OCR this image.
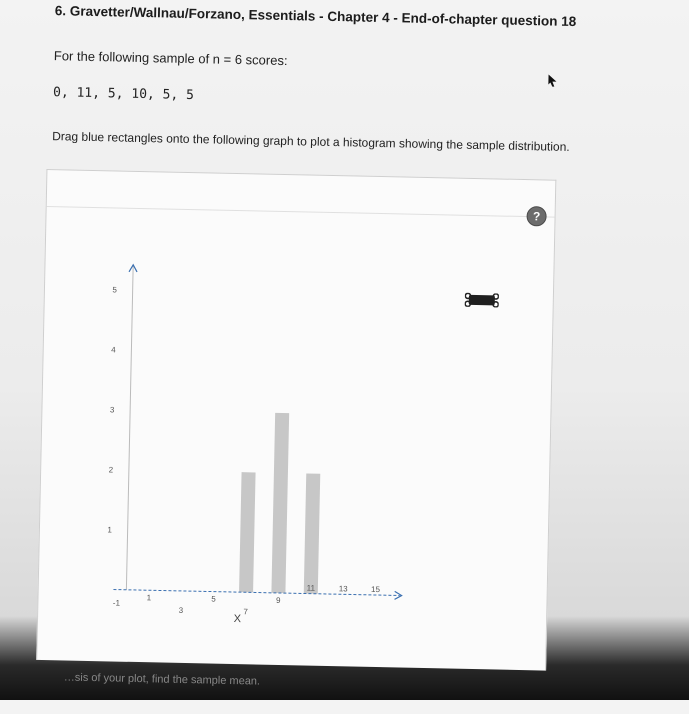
6. Gravetter/Wallnau/Forzano, Essentials - Chapter 4 - End-of-chapter question 18
For the following sample of n = 6 scores:
0, 11, 5, 10, 5, 5
Drag blue rectangles onto the following graph to plot a histogram showing the sample distribution.
?
1
2
3
4
5
-1
1
3
5
7
9
11	13	15
X
…sis of your plot, find the sample mean.
